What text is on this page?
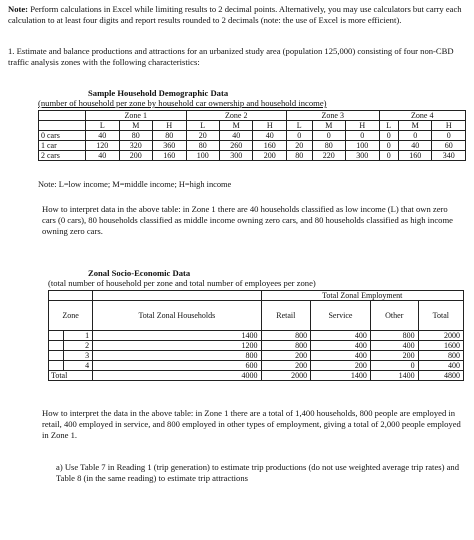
Note: Perform calculations in Excel while limiting results to 2 decimal points. Alternatively, you may use calculators but carry each calculation to at least four digits and report results rounded to 2 decimals (note: the use of Excel is more efficient).
1. Estimate and balance productions and attractions for an urbanized study area (population 125,000) consisting of four non-CBD traffic analysis zones with the following characteristics:
Sample Household Demographic Data
(number of household per zone by household car ownership and household income)
	Zone 1			Zone 2			Zone 3			Zone 4		
	L	M	H	L	M	H	L	M	H	L	M	H
0 cars	40	80	80	20	40	40	0	0	0	0	0	0
1 car	120	320	360	80	260	160	20	80	100	0	40	60
2 cars	40	200	160	100	300	200	80	220	300	0	160	340
Note: L=low income; M=middle income; H=high income
How to interpret data in the above table: in Zone 1 there are 40 households classified as low income (L) that own zero cars (0 cars), 80 households classified as middle income owning zero cars, and 80 households classified as high income owning zero cars.
Zonal Socio-Economic Data
(total number of household per zone and total number of employees per zone)
			Total Zonal Employment			
Zone		Total Zonal Households	Retail	Service	Other	Total
	1	1400	800	400	800	2000
	2	1200	800	400	400	1600
	3	800	200	400	200	800
	4	600	200	200	0	400
Total		4000	2000	1400	1400	4800
How to interpret the data in the above table: in Zone 1 there are a total of 1,400 households, 800 people are employed in retail, 400 employed in service, and 800 employed in other types of employment, giving a total of 2,000 people employed in Zone 1.
a) Use Table 7 in Reading 1 (trip generation) to estimate trip productions (do not use weighted average trip rates) and Table 8 (in the same reading) to estimate trip attractions
